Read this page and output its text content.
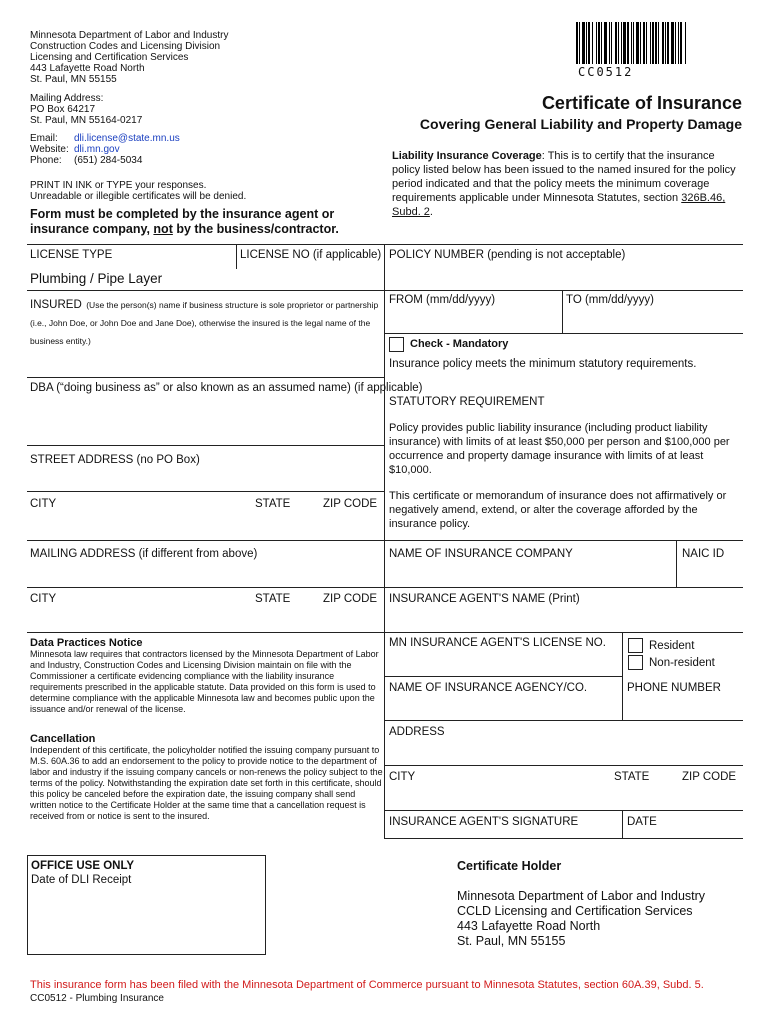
Minnesota Department of Labor and Industry
Construction Codes and Licensing Division
Licensing and Certification Services
443 Lafayette Road North
St. Paul, MN 55155
Mailing Address:
PO Box 64217
St. Paul, MN 55164-0217
Email: dli.license@state.mn.us
Website: dli.mn.gov
Phone: (651) 284-5034
PRINT IN INK or TYPE your responses.
Unreadable or illegible certificates will be denied.
Form must be completed by the insurance agent or
insurance company, not by the business/contractor.
CC0512
Certificate of Insurance
Covering General Liability and Property Damage
Liability Insurance Coverage: This is to certify that the insurance policy listed below has been issued to the named insured for the policy period indicated and that the policy meets the minimum coverage requirements applicable under Minnesota Statutes, section 326B.46, Subd. 2.
LICENSE TYPE	LICENSE NO (if applicable)
Plumbing / Pipe Layer
INSURED (Use the person(s) name if business structure is sole proprietor or partnership (i.e., John Doe, or John Doe and Jane Doe), otherwise the insured is the legal name of the business entity.)
DBA (“doing business as” or also known as an assumed name) (if applicable)
STREET ADDRESS (no PO Box)
CITY	STATE	ZIP CODE
MAILING ADDRESS (if different from above)
CITY	STATE	ZIP CODE
Data Practices Notice
Minnesota law requires that contractors licensed by the Minnesota Department of Labor and Industry, Construction Codes and Licensing Division maintain on file with the Commissioner a certificate evidencing compliance with the liability insurance requirements prescribed in the applicable statute. Data provided on this form is used to determine compliance with the applicable Minnesota law and becomes public upon the issuance and/or renewal of the license.
Cancellation
Independent of this certificate, the policyholder notified the issuing company pursuant to M.S. 60A.36 to add an endorsement to the policy to provide notice to the department of labor and industry if the issuing company cancels or non-renews the policy subject to the terms of the policy. Notwithstanding the expiration date set forth in this certificate, should this policy be canceled before the expiration date, the issuing company shall send written notice to the Certificate Holder at the same time that a cancellation request is received from or notice is sent to the insured.
POLICY NUMBER (pending is not acceptable)
FROM (mm/dd/yyyy)	TO (mm/dd/yyyy)
Check - Mandatory
Insurance policy meets the minimum statutory requirements.
STATUTORY REQUIREMENT
Policy provides public liability insurance (including product liability insurance) with limits of at least $50,000 per person and $100,000 per occurrence and property damage insurance with limits of at least $10,000.
This certificate or memorandum of insurance does not affirmatively or negatively amend, extend, or alter the coverage afforded by the insurance policy.
NAME OF INSURANCE COMPANY	NAIC ID
INSURANCE AGENT'S NAME (Print)
MN INSURANCE AGENT'S LICENSE NO.	Resident
Non-resident
NAME OF INSURANCE AGENCY/CO.	PHONE NUMBER
ADDRESS
CITY	STATE	ZIP CODE
INSURANCE AGENT'S SIGNATURE	DATE
OFFICE USE ONLY
Date of DLI Receipt
Certificate Holder
Minnesota Department of Labor and Industry
CCLD Licensing and Certification Services
443 Lafayette Road North
St. Paul, MN 55155
This insurance form has been filed with the Minnesota Department of Commerce pursuant to Minnesota Statutes, section 60A.39, Subd. 5.
CC0512 - Plumbing Insurance
